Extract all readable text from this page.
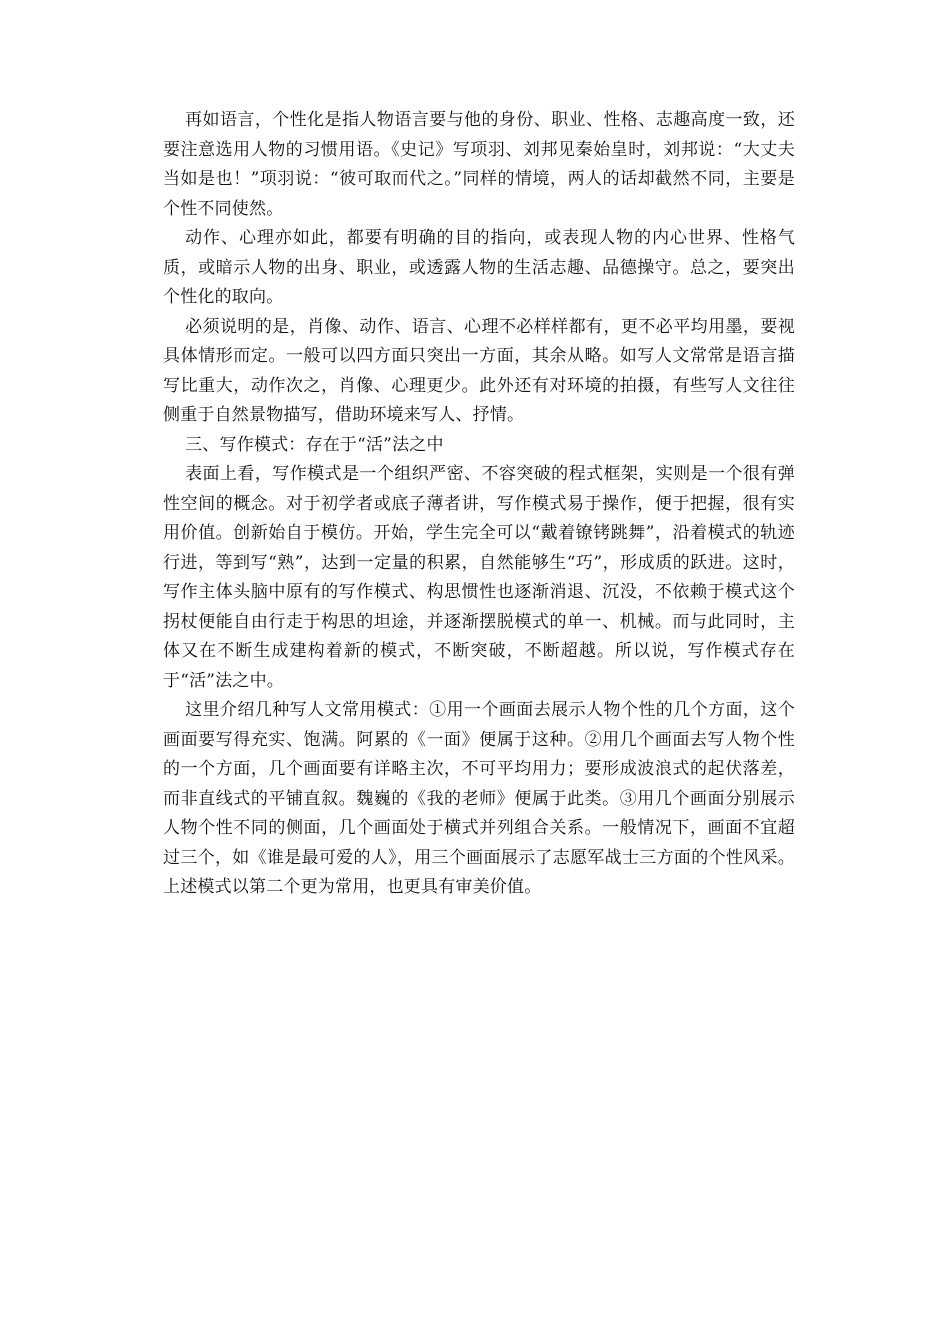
再如语言，个性化是指人物语言要与他的身份、职业、性格、志趣高度一致，还要注意选用人物的习惯用语。《史记》写项羽、刘邦见秦始皇时，刘邦说：“大丈夫当如是也！”项羽说：“彼可取而代之。”同样的情境，两人的话却截然不同，主要是个性不同使然。

动作、心理亦如此，都要有明确的目的指向，或表现人物的内心世界、性格气质，或暗示人物的出身、职业，或透露人物的生活志趣、品德操守。总之，要突出个性化的取向。

必须说明的是，肖像、动作、语言、心理不必样样都有，更不必平均用墨，要视具体情形而定。一般可以四方面只突出一方面，其余从略。如写人文常常是语言描写比重大，动作次之，肖像、心理更少。此外还有对环境的拍摄，有些写人文往往侧重于自然景物描写，借助环境来写人、抒情。

三、写作模式：存在于“活”法之中

表面上看，写作模式是一个组织严密、不容突破的程式框架，实则是一个很有弹性空间的概念。对于初学者或底子薄者讲，写作模式易于操作，便于把握，很有实用价值。创新始自于模仿。开始，学生完全可以“戴着镣铐跳舞”，沿着模式的轨迹行进，等到写“熟”，达到一定量的积累，自然能够生“巧”，形成质的跃进。这时，写作主体头脑中原有的写作模式、构思惯性也逐渐消退、沉没，不依赖于模式这个拐杖便能自由行走于构思的坦途，并逐渐摆脱模式的单一、机械。而与此同时，主体又在不断生成建构着新的模式，不断突破，不断超越。所以说，写作模式存在于“活”法之中。

这里介绍几种写人文常用模式：①用一个画面去展示人物个性的几个方面，这个画面要写得充实、饱满。阿累的《一面》便属于这种。②用几个画面去写人物个性的一个方面，几个画面要有详略主次，不可平均用力；要形成波浪式的起伏落差，而非直线式的平铺直叙。魏巍的《我的老师》便属于此类。③用几个画面分别展示人物个性不同的侧面，几个画面处于横式并列组合关系。一般情况下，画面不宜超过三个，如《谁是最可爱的人》，用三个画面展示了志愿军战士三方面的个性风采。上述模式以第二个更为常用，也更具有审美价值。
